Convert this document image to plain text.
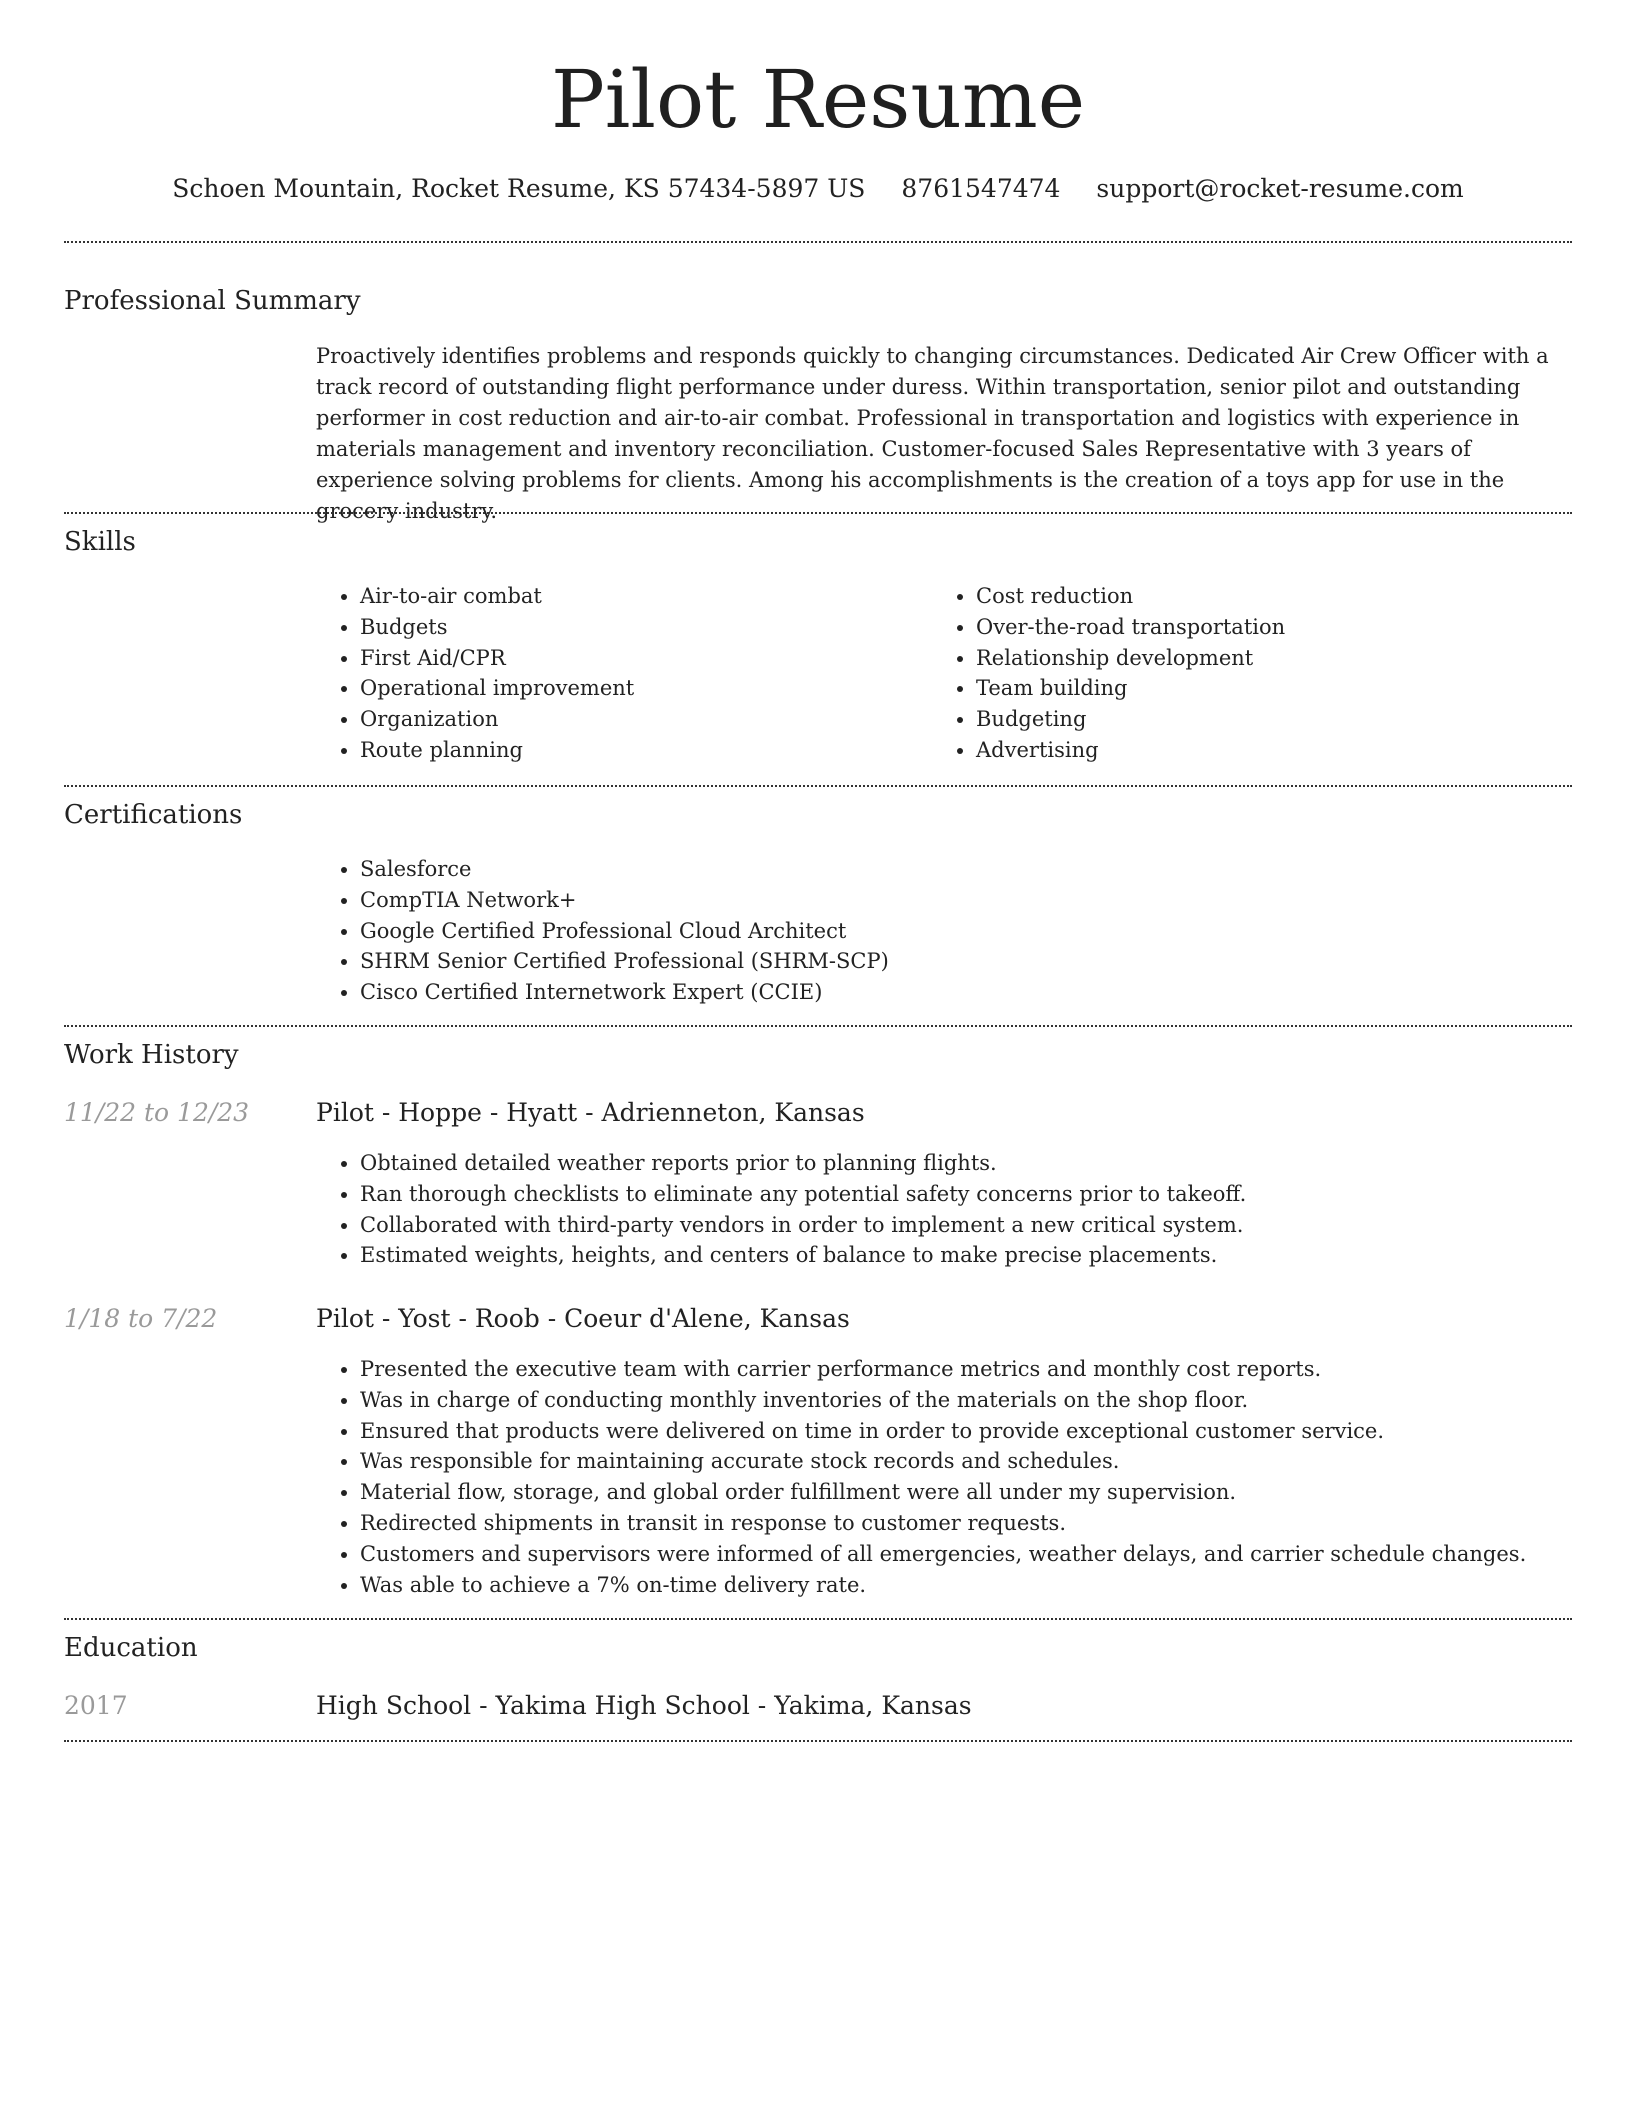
Pilot Resume
Schoen Mountain, Rocket Resume, KS 57434-5897 US 8761547474 support@rocket-resume.com
Professional Summary
Proactively identifies problems and responds quickly to changing circumstances. Dedicated Air Crew Officer with a track record of outstanding flight performance under duress. Within transportation, senior pilot and outstanding performer in cost reduction and air-to-air combat. Professional in transportation and logistics with experience in materials management and inventory reconciliation. Customer-focused Sales Representative with 3 years of experience solving problems for clients. Among his accomplishments is the creation of a toys app for use in the grocery industry.
Skills
• Air-to-air combat
• Budgets
• First Aid/CPR
• Operational improvement
• Organization
• Route planning
• Cost reduction
• Over-the-road transportation
• Relationship development
• Team building
• Budgeting
• Advertising
Certifications
• Salesforce
• CompTIA Network+
• Google Certified Professional Cloud Architect
• SHRM Senior Certified Professional (SHRM-SCP)
• Cisco Certified Internetwork Expert (CCIE)
Work History
11/22 to 12/23	Pilot - Hoppe - Hyatt - Adrienneton, Kansas
• Obtained detailed weather reports prior to planning flights.
• Ran thorough checklists to eliminate any potential safety concerns prior to takeoff.
• Collaborated with third-party vendors in order to implement a new critical system.
• Estimated weights, heights, and centers of balance to make precise placements.
1/18 to 7/22	Pilot - Yost - Roob - Coeur d'Alene, Kansas
• Presented the executive team with carrier performance metrics and monthly cost reports.
• Was in charge of conducting monthly inventories of the materials on the shop floor.
• Ensured that products were delivered on time in order to provide exceptional customer service.
• Was responsible for maintaining accurate stock records and schedules.
• Material flow, storage, and global order fulfillment were all under my supervision.
• Redirected shipments in transit in response to customer requests.
• Customers and supervisors were informed of all emergencies, weather delays, and carrier schedule changes.
• Was able to achieve a 7% on-time delivery rate.
Education
2017	High School - Yakima High School - Yakima, Kansas
